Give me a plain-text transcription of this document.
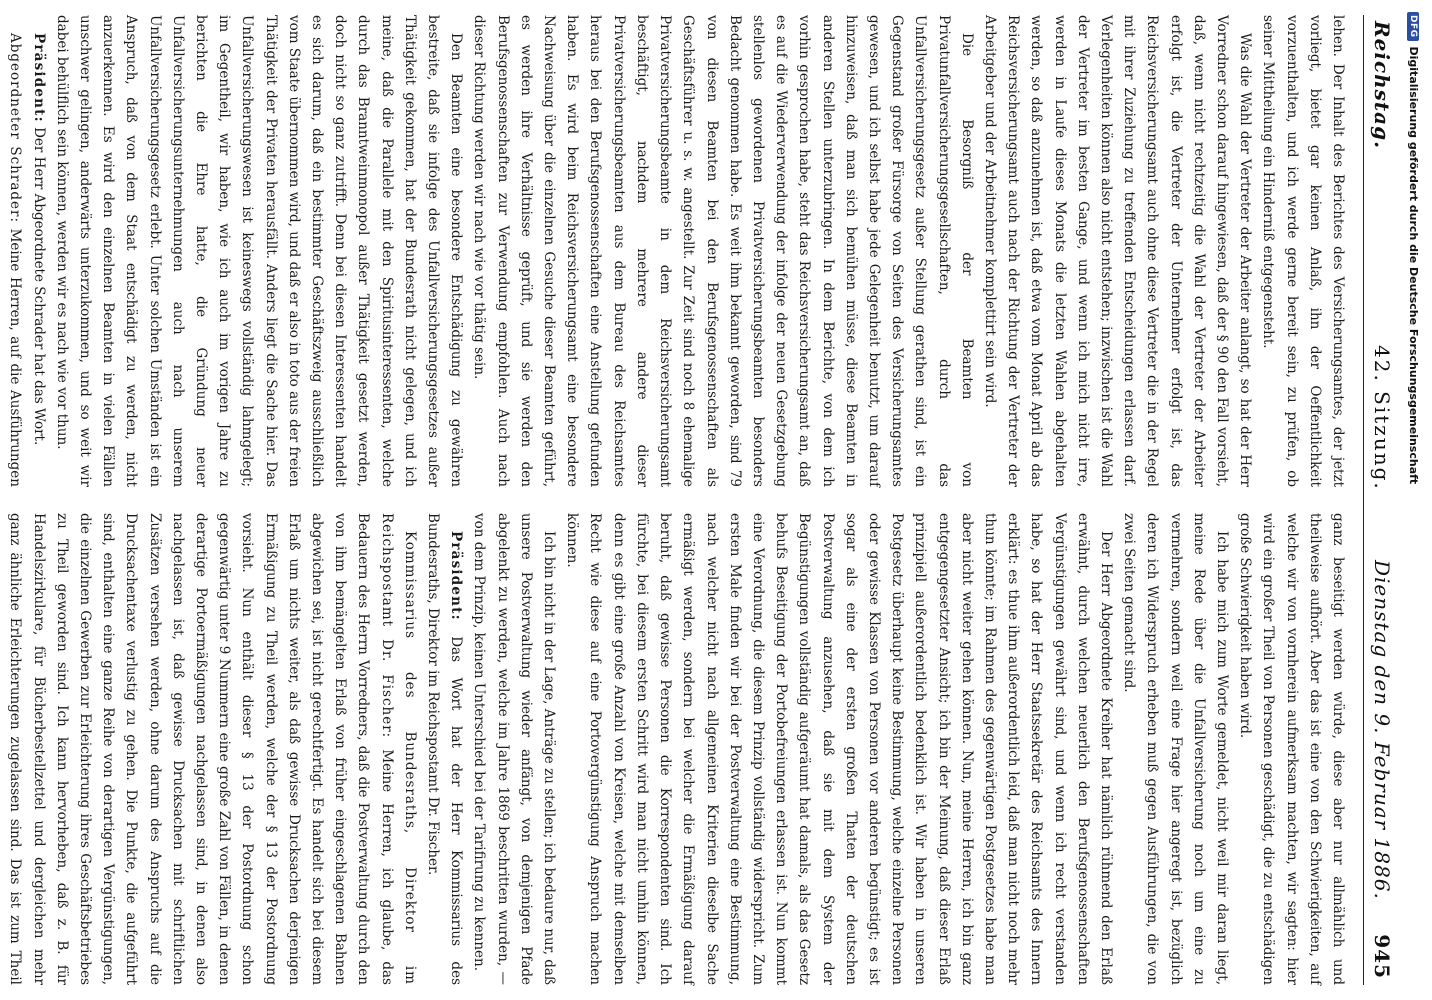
Reichstag.
42. Sitzung.
Dienstag den 9. Februar 1886.
945

lehen. Der Inhalt des Berichtes des Versicherungsamtes, der jetzt vorliegt, bietet gar keinen Anlaß, ihn der Oeffentlichkeit vorzuenthalten, und ich werde gerne bereit sein, zu prüfen, ob seiner Mittheilung ein Hinderniß entgegensteht.

Was die Wahl der Vertreter der Arbeiter anlangt, so hat der Herr Vorredner schon darauf hingewiesen, daß der § 90 den Fall vorsieht, daß, wenn nicht rechtzeitig die Wahl der Vertreter der Arbeiter erfolgt ist, die Vertreter der Unternehmer erfolgt ist, das Reichsversicherungsamt auch ohne diese Vertreter die in der Regel mit ihrer Zuziehung zu treffenden Entscheidungen erlassen darf. Verlegenheiten können also nicht entstehen; inzwischen ist die Wahl der Vertreter im besten Gange, und wenn ich mich nicht irre, werden in Laufe dieses Monats die letzten Wahlen abgehalten werden, so daß anzunehmen ist, daß etwa vom Monat April ab das Reichsversicherungsamt auch nach der Richtung der Vertreter der Arbeitgeber und der Arbeitnehmer komplettirt sein wird.

Die Besorgniß der Beamten von Privatunfallversicherungsgesellschaften, durch das Unfallversicherungsgesetz außer Stellung gerathen sind, ist ein Gegenstand großer Fürsorge von Seiten des Versicherungsamtes gewesen, und ich selbst habe jede Gelegenheit benutzt, um darauf hinzuweisen, daß man sich bemühen müsse, diese Beamten in anderen Stellen unterzubringen. In dem Berichte, von dem ich vorhin gesprochen habe, steht das Reichsversicherungsamt an, daß es auf die Wiederverwendung der infolge der neuen Gesetzgebung stellenlos gewordenen Privatversicherungsbeamten besonders Bedacht genommen habe. Es weit ihm bekannt geworden, sind 79 von diesen Beamten bei den Berufsgenossenschaften als Geschäftsführer u. s. w. angestellt. Zur Zeit sind noch 8 ehemalige Privatversicherungsbeamte in dem Reichsversicherungsamt beschäftigt, nachdem mehrere andere dieser Privatversicherungsbeamten aus dem Bureau des Reichsamtes heraus bei den Berufsgenossenschaften eine Anstellung gefunden haben. Es wird beim Reichsversicherungsamt eine besondere Nachweisung über die einzelnen Gesuche dieser Beamten geführt, es werden ihre Verhältnisse geprüft, und sie werden den Berufsgenossenschaften zur Verwendung empfohlen. Auch nach dieser Richtung werden wir nach wie vor thätig sein.

Den Beamten eine besondere Entschädigung zu gewähren bestreite, daß sie infolge des Unfallversicherungsgesetzes außer Thätigkeit gekommen, hat der Bundesrath nicht gelegen, und ich meine, daß die Parallele mit den Spiritusinteressenten, welche durch das Branntweinmonopol außer Thätigkeit gesetzt werden, doch nicht so ganz zutrifft. Denn bei diesen Interessenten handelt es sich darum, daß ein bestimmter Geschäftszweig ausschließlich vom Staate übernommen wird, und daß er also in toto aus der freien Thätigkeit der Privaten herausfällt. Anders liegt die Sache hier. Das Unfallversicherungswesen ist keineswegs vollständig lahmgelegt; im Gegentheil, wir haben, wie ich auch im vorigen Jahre zu berichten die Ehre hatte, die Gründung neuer Unfallversicherungsunternehmungen auch nach unserem Unfallversicherungsgesetz erlebt. Unter solchen Umständen ist ein Anspruch, daß von dem Staat entschädigt zu werden, nicht anzuerkennen. Es wird den einzelnen Beamten in vielen Fällen unschwer gelingen, anderwärts unterzukommen, und so weit wir dabei behülflich sein können, werden wir es nach wie vor thun.

Präsident: Der Herr Abgeordnete Schrader hat das Wort.

Abgeordneter Schrader: Meine Herren, auf die Ausführungen

ganz beseitigt werden würde, diese aber nur allmählich und theilweise aufhört. Aber das ist eine von den Schwierigkeiten, auf welche wir von vornherein aufmerksam machten, wir sagten: hier wird ein großer Theil von Personen geschädigt, die zu entschädigen große Schwierigkeit haben wird.

Ich habe mich zum Worte gemeldet, nicht weil mir daran liegt, meine Rede über die Unfallversicherung noch um eine zu vermehren, sondern weil eine Frage hier angeregt ist, bezüglich deren ich Widerspruch erheben muß gegen Ausführungen, die von zwei Seiten gemacht sind.

Der Herr Abgeordnete Kreiher hat nämlich rühmend den Erlaß erwähnt, durch welchen neuerlich den Berufsgenossenschaften Vergünstigungen gewährt sind, und wenn ich recht verstanden habe, so hat der Herr Staatssekretär des Reichsamts des Innern erklärt: es thue ihm außerordentlich leid, daß man nicht noch mehr thun könnte; im Rahmen des gegenwärtigen Postgesetzes habe man aber nicht weiter gehen können. Nun, meine Herren, ich bin ganz entgegengesetzter Ansicht; ich bin der Meinung, daß dieser Erlaß prinzipiell außerordentlich bedenklich ist. Wir haben in unseren Postgesetz überhaupt keine Bestimmung, welche einzelne Personen oder gewisse Klassen von Personen vor anderen begünstigt; es ist sogar als eine der ersten großen Thaten der deutschen Postverwaltung anzusehen, daß sie mit dem System der Begünstigungen vollständig aufgeräumt hat damals, als das Gesetz behufs Beseitigung der Portobefreiungen erlassen ist. Nun kommt eine Verordnung, die diesem Prinzip vollständig widerspricht. Zum ersten Male finden wir bei der Postverwaltung eine Bestimmung, nach welcher nicht nach allgemeinen Kriterien dieselbe Sache ermäßigt werden, sondern bei welcher die Ermäßigung darauf beruht, daß gewisse Personen die Korrespondenten sind. Ich fürchte, bei diesem ersten Schritt wird man nicht umhin können, denn es gibt eine große Anzahl von Kreisen, welche mit demselben Recht wie diese auf eine Portovergünstigung Anspruch machen können.

Ich bin nicht in der Lage, Anträge zu stellen; ich bedaure nur, daß unsere Postverwaltung wieder anfängt, von demjenigen Pfade abgelenkt zu werden, welche im Jahre 1869 beschritten wurden, — von dem Prinzip, keinen Unterschied bei der Tarifirung zu kennen.

Präsident: Das Wort hat der Herr Kommissarius des Bundesraths, Direktor im Reichspostamt Dr. Fischer.

Kommissarius des Bundesraths, Direktor im Reichspostamt Dr. Fischer: Meine Herren, ich glaube, das Bedauern des Herrn Vorredners, daß die Postverwaltung durch den von ihm bemängelten Erlaß von früher eingeschlagenen Bahnen abgewichen sei, ist nicht gerechtfertigt. Es handelt sich bei diesem Erlaß um nichts weiter, als daß gewisse Drucksachen derjenigen Ermäßigung zu Theil werden, welche der § 13 der Postordnung vorsieht. Nun enthält dieser § 13 der Postordnung schon gegenwärtig unter 9 Nummern eine große Zahl von Fällen, in denen derartige Portoermäßigungen nachgelassen sind, in denen also nachgelassen ist, daß gewisse Drucksachen mit schriftlichen Zusätzen versehen werden, ohne darum des Anspruchs auf die Drucksachentaxe verlustig zu gehen. Die Punkte, die aufgeführt sind, enthalten eine ganze Reihe von derartigen Vergünstigungen, die einzelnen Gewerben zur Erleichterung ihres Geschäftsbetriebes zu Theil geworden sind. Ich kann hervorheben, daß z. B. für Handelszirkulare, für Bücherbestellzettel und dergleichen mehr ganz ähnliche Erleichterungen zugelassen sind. Das ist zum Theil

DFG
Digitalisierung gefördert durch die Deutsche Forschungsgemeinschaft
